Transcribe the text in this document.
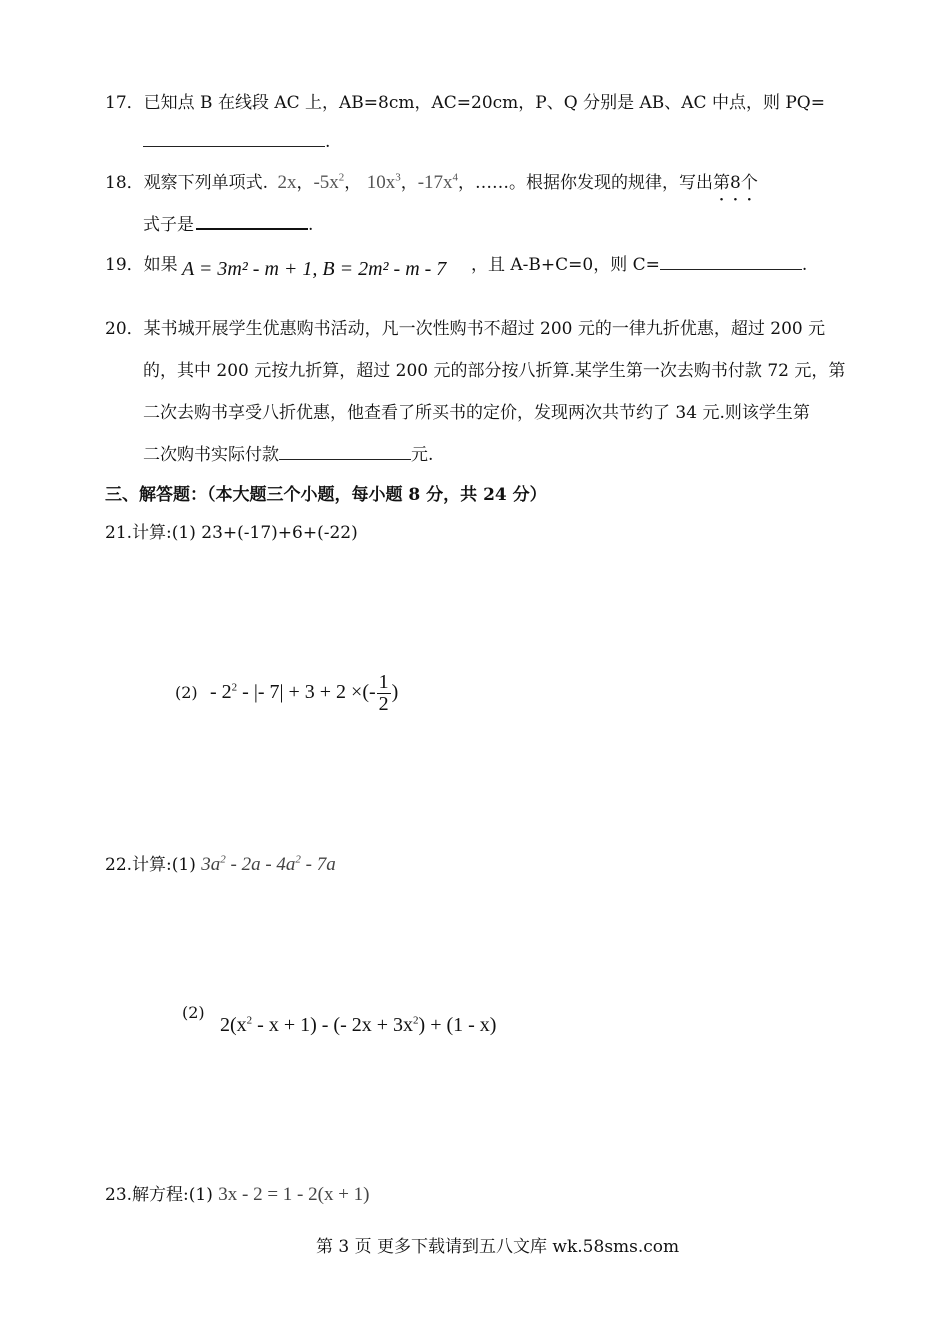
17．已知点 B 在线段 AC 上，AB=8cm，AC=20cm，P、Q 分别是 AB、AC 中点，则 PQ=
.
18．观察下列单项式. 2x，$-5x^2$， $10x^3$，$-17x^4$，……。根据你发现的规律，写出第8 ·个
式子是	.
19．如果 A = 3m² - m + 1, B = 2m² - m - 7 ，且 A-B+C=0，则 C=	.
20．某书城开展学生优惠购书活动，凡一次性购书不超过 200 元的一律九折优惠，超过 200 元
的，其中 200 元按九折算，超过 200 元的部分按八折算.某学生第一次去购书付款 72 元，第
二次去购书享受八折优惠，他查看了所买书的定价，发现两次共节约了 34 元.则该学生第
二次购书实际付款	元.
三、解答题：（本大题三个小题，每小题 8 分，共 24 分）
21.计算:(1) 23+(-17)+6+(-22)
$(2) - 2^2$ - |- 7| + 3 + 2 ×(- $\frac{1}{2}$ )
22.计算:(1) $3a^2 - 2a - 4a^2 - 7a$
(2)
$2(x^2 - x + 1)$ - (- $2x + 3x^2) + (1 - x)$
23.解方程:(1) 3x - 2 = 1 - 2(x + 1)
第 3 页 更多下载请到五八文库 wk.58sms.com
